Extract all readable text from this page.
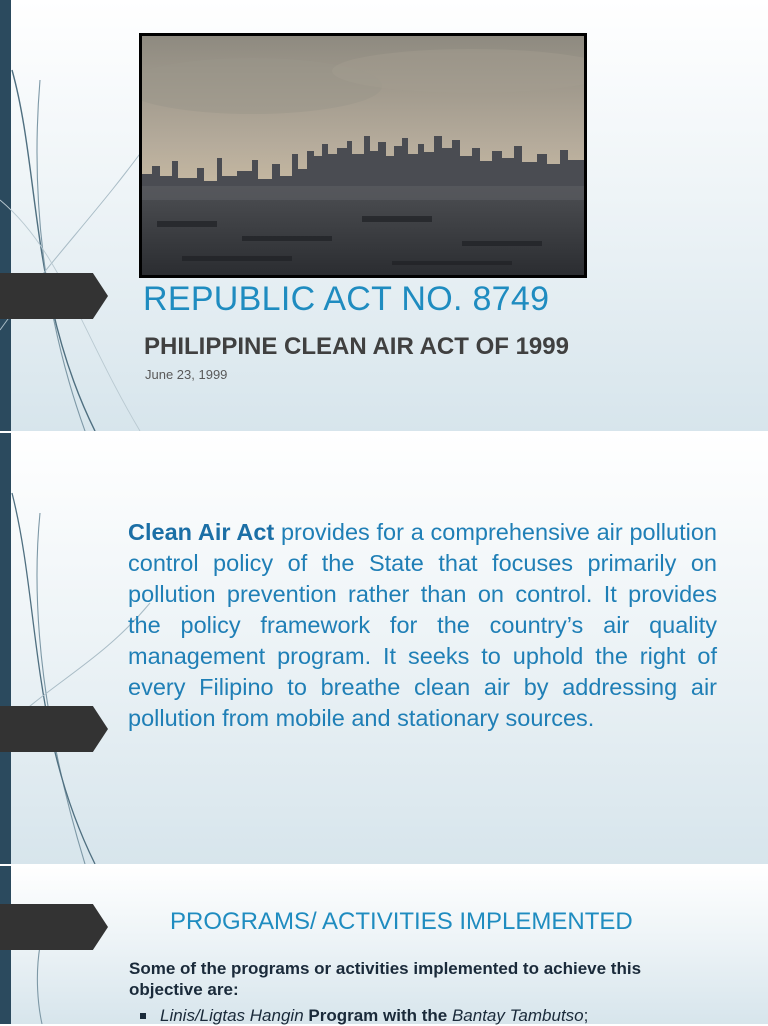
REPUBLIC ACT NO. 8749
PHILIPPINE CLEAN AIR ACT OF 1999
June 23, 1999

Clean Air Act provides for a comprehensive air pollution control policy of the State that focuses primarily on pollution prevention rather than on control. It provides the policy framework for the country’s air quality management program. It seeks to uphold the right of every Filipino to breathe clean air by addressing air pollution from mobile and stationary sources.

PROGRAMS/ ACTIVITIES IMPLEMENTED

Some of the programs or activities implemented to achieve this objective are:

Linis/Ligtas Hangin Program with the Bantay Tambutso;
